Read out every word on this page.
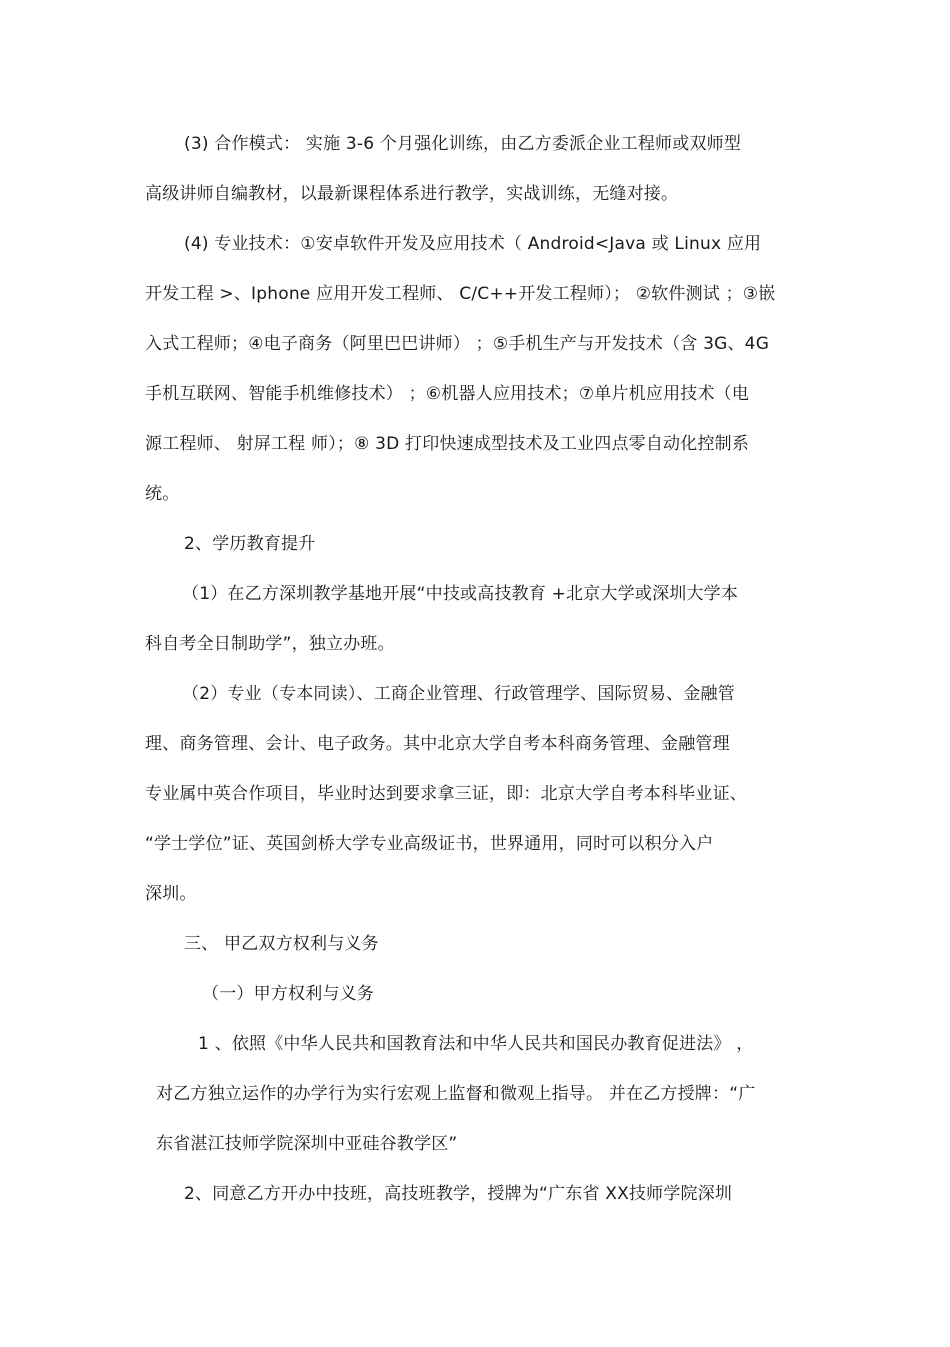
(3) 合作模式： 实施 3-6 个月强化训练，由乙方委派企业工程师或双师型
高级讲师自编教材，以最新课程体系进行教学，实战训练，无缝对接。
(4) 专业技术：①安卓软件开发及应用技术（ Android<Java 或 Linux 应用
开发工程 >、Iphone 应用开发工程师、 C/C++开发工程师）； ②软件测试 ；③嵌
入式工程师；④电子商务（阿里巴巴讲师） ；⑤手机生产与开发技术（含 3G、4G
手机互联网、智能手机维修技术） ；⑥机器人应用技术；⑦单片机应用技术（电
源工程师、 射屏工程 师）；⑧ 3D 打印快速成型技术及工业四点零自动化控制系
统。
2、学历教育提升
（1）在乙方深圳教学基地开展“中技或高技教育 +北京大学或深圳大学本
科自考全日制助学”，独立办班。
（2）专业（专本同读）、工商企业管理、行政管理学、国际贸易、金融管
理、商务管理、会计、电子政务。其中北京大学自考本科商务管理、金融管理
专业属中英合作项目，毕业时达到要求拿三证，即：北京大学自考本科毕业证、
“学士学位”证、英国剑桥大学专业高级证书，世界通用，同时可以积分入户
深圳。
三、 甲乙双方权利与义务
（一）甲方权利与义务
1 、依照《中华人民共和国教育法和中华人民共和国民办教育促进法》 ，
对乙方独立运作的办学行为实行宏观上监督和微观上指导。 并在乙方授牌：“广
东省湛江技师学院深圳中亚硅谷教学区”
2、同意乙方开办中技班，高技班教学，授牌为“广东省 XX技师学院深圳
